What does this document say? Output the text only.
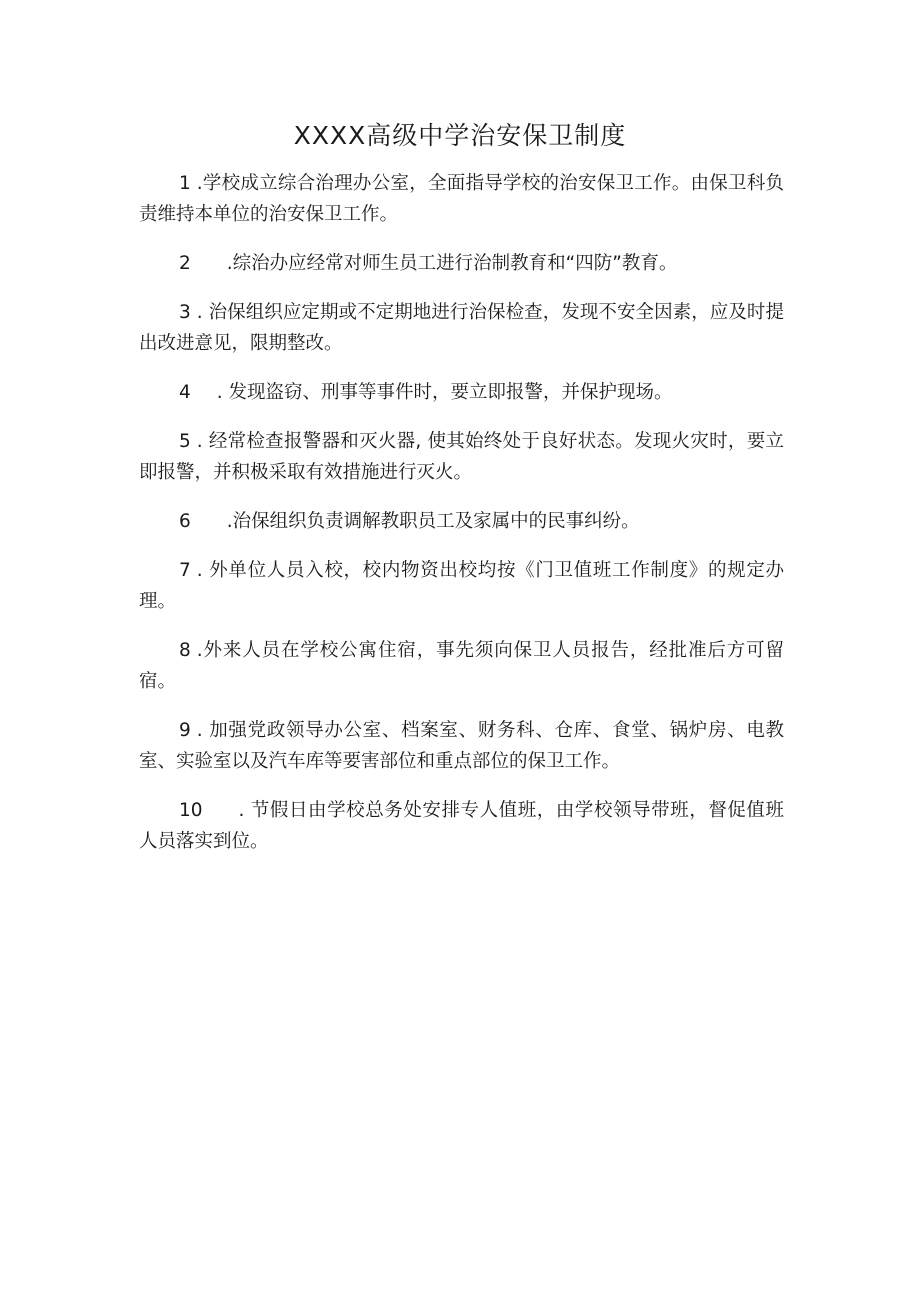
XXXX高级中学治安保卫制度

1 .学校成立综合治理办公室，全面指导学校的治安保卫工作。由保卫科负责维持本单位的治安保卫工作。

2 .综治办应经常对师生员工进行治制教育和“四防”教育。

3 . 治保组织应定期或不定期地进行治保检查，发现不安全因素，应及时提出改进意见，限期整改。

4 . 发现盗窃、刑事等事件时，要立即报警，并保护现场。

5 . 经常检查报警器和灭火器, 使其始终处于良好状态。发现火灾时，要立即报警，并积极采取有效措施进行灭火。

6 .治保组织负责调解教职员工及家属中的民事纠纷。

7 . 外单位人员入校，校内物资出校均按《门卫值班工作制度》的规定办理。

8 .外来人员在学校公寓住宿，事先须向保卫人员报告，经批准后方可留宿。

9 . 加强党政领导办公室、档案室、财务科、仓库、食堂、锅炉房、电教室、实验室以及汽车库等要害部位和重点部位的保卫工作。

10 . 节假日由学校总务处安排专人值班，由学校领导带班，督促值班人员落实到位。
